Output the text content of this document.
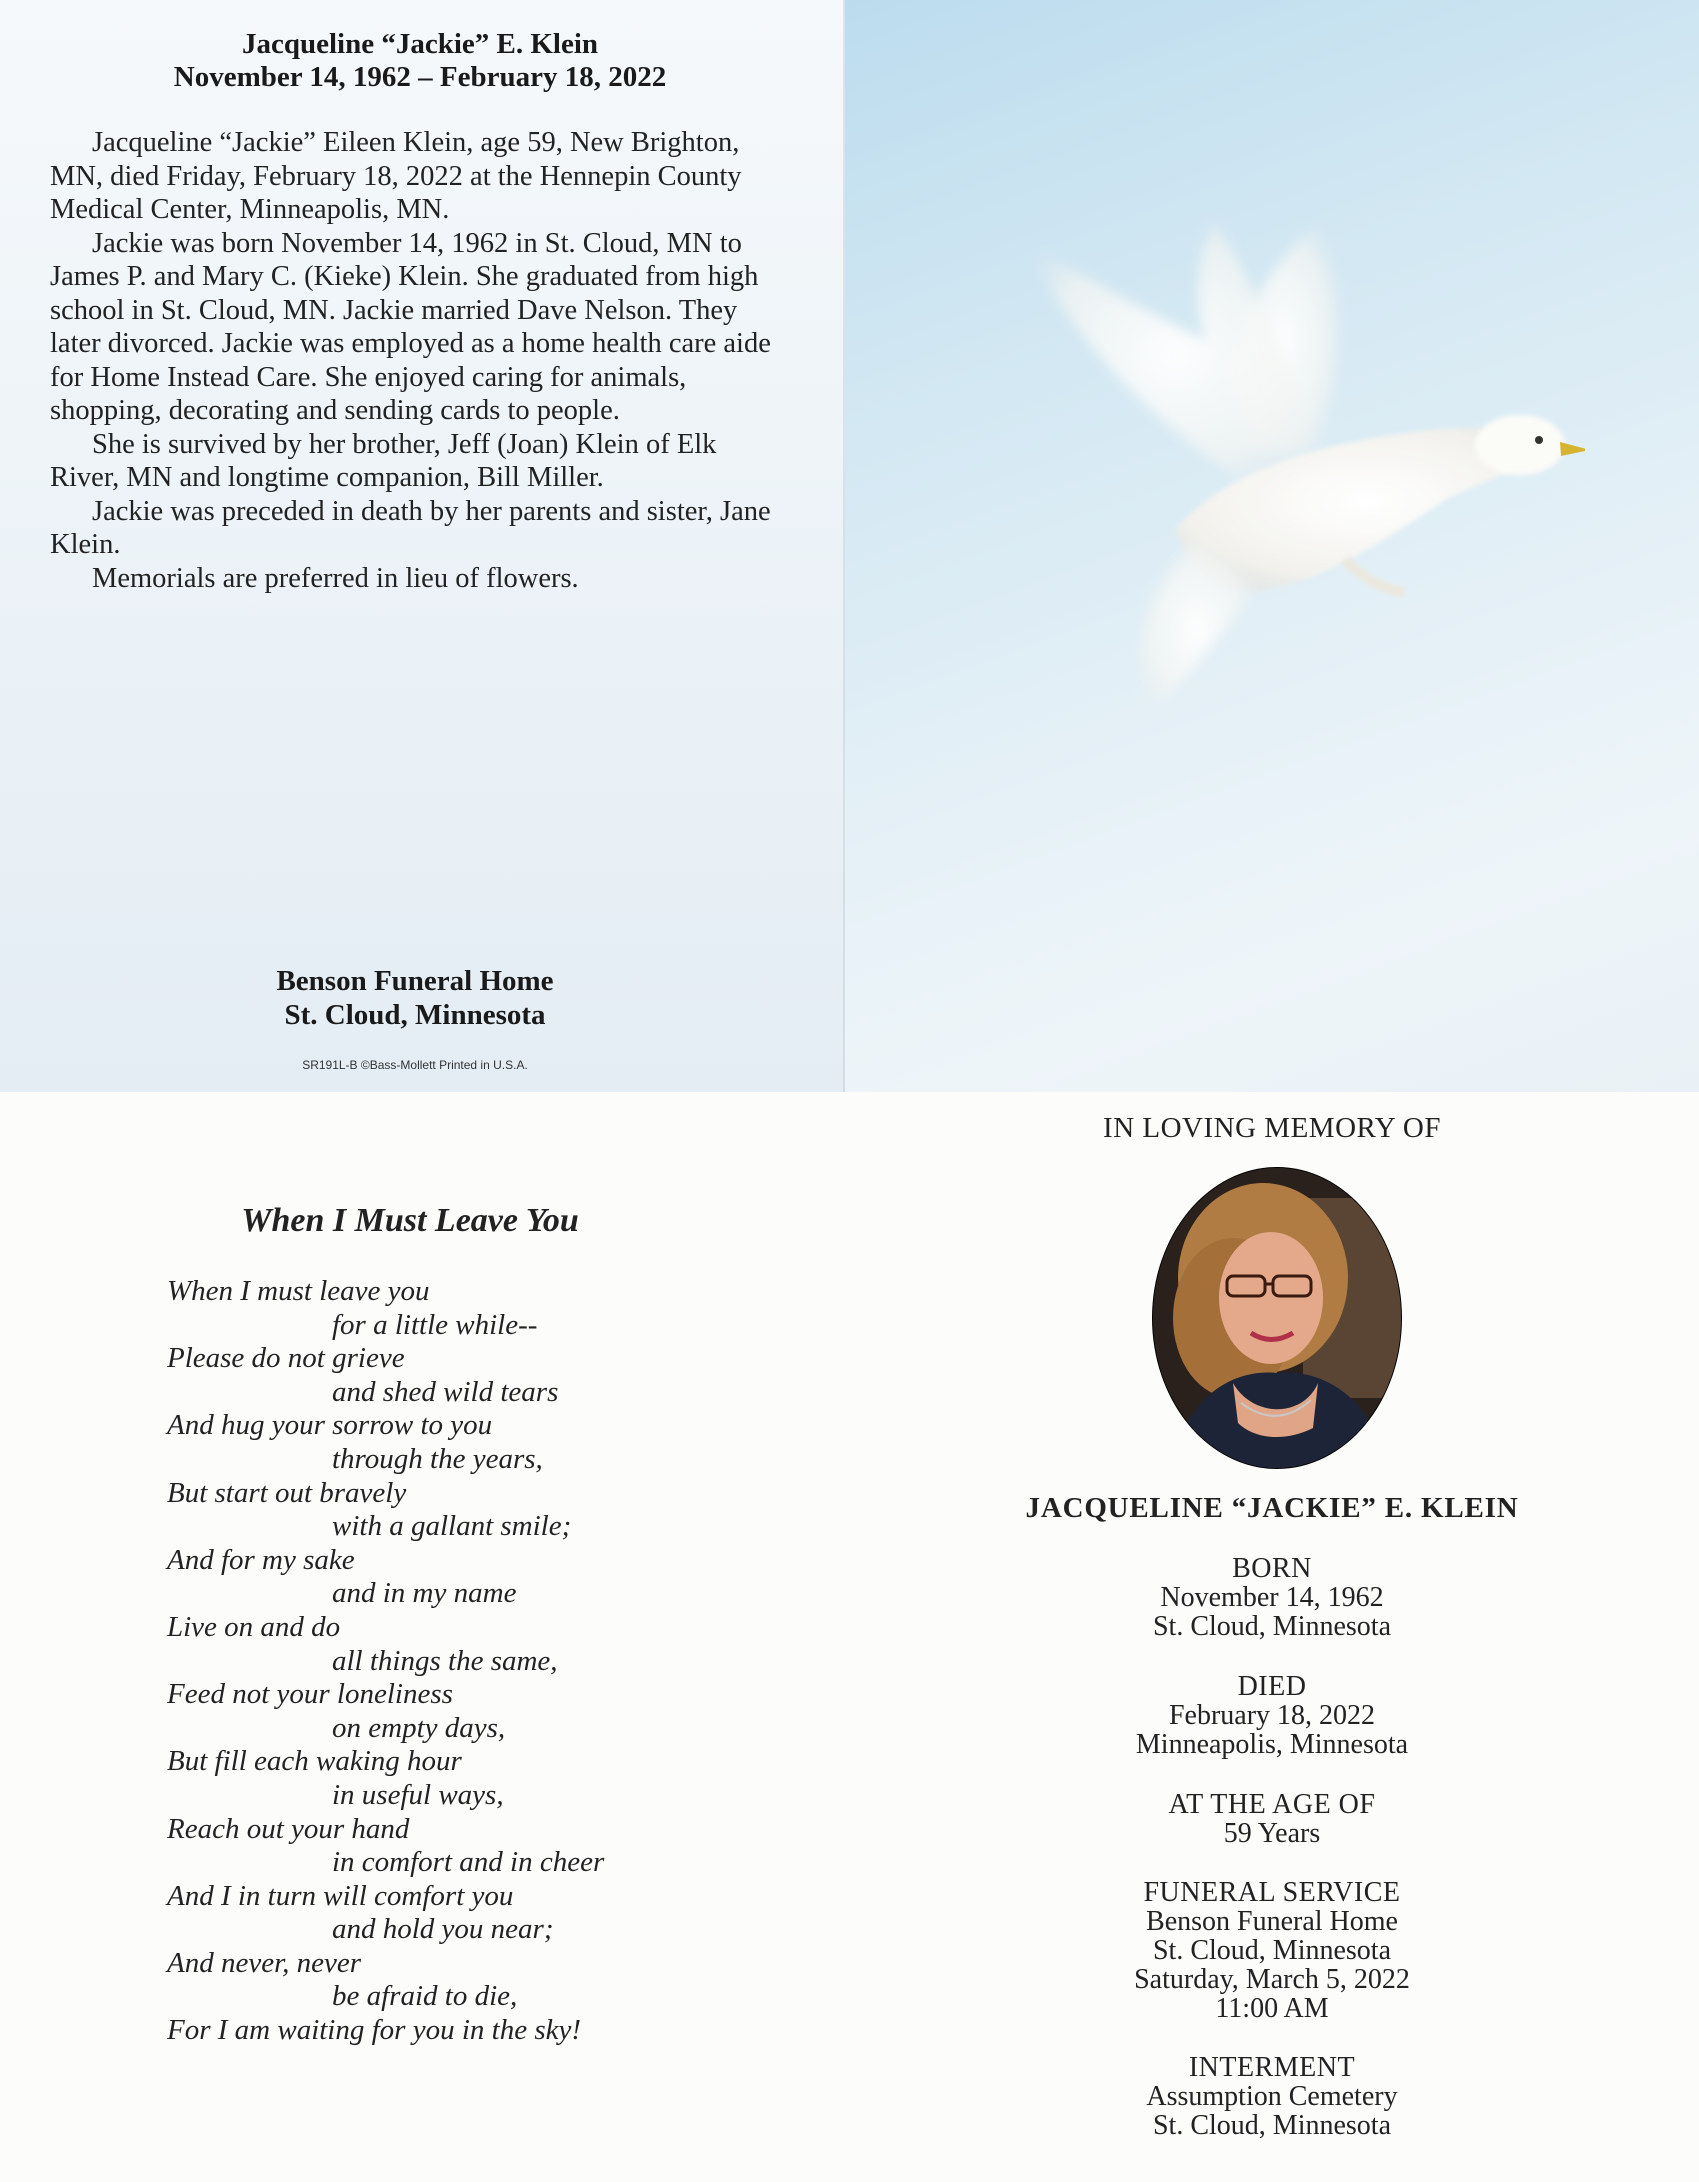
Jacqueline “Jackie” E. Klein
November 14, 1962 – February 18, 2022

Jacqueline “Jackie” Eileen Klein, age 59, New Brighton, MN, died Friday, February 18, 2022 at the Hennepin County Medical Center, Minneapolis, MN.

Jackie was born November 14, 1962 in St. Cloud, MN to James P. and Mary C. (Kieke) Klein. She graduated from high school in St. Cloud, MN. Jackie married Dave Nelson. They later divorced. Jackie was employed as a home health care aide for Home Instead Care. She enjoyed caring for animals, shopping, decorating and sending cards to people.

She is survived by her brother, Jeff (Joan) Klein of Elk River, MN and longtime companion, Bill Miller.

Jackie was preceded in death by her parents and sister, Jane Klein.

Memorials are preferred in lieu of flowers.

Benson Funeral Home
St. Cloud, Minnesota
SR191L-B ©Bass-Mollett Printed in U.S.A.
When I Must Leave You
When I must leave you
for a little while--
Please do not grieve
and shed wild tears
And hug your sorrow to you
through the years,
But start out bravely
with a gallant smile;
And for my sake
and in my name
Live on and do
all things the same,
Feed not your loneliness
on empty days,
But fill each waking hour
in useful ways,
Reach out your hand
in comfort and in cheer
And I in turn will comfort you
and hold you near;
And never, never
be afraid to die,
For I am waiting for you in the sky!
IN LOVING MEMORY OF
JACQUELINE “JACKIE” E. KLEIN
BORN
November 14, 1962
St. Cloud, Minnesota
DIED
February 18, 2022
Minneapolis, Minnesota
AT THE AGE OF
59 Years
FUNERAL SERVICE
Benson Funeral Home
St. Cloud, Minnesota
Saturday, March 5, 2022
11:00 AM
INTERMENT
Assumption Cemetery
St. Cloud, Minnesota
